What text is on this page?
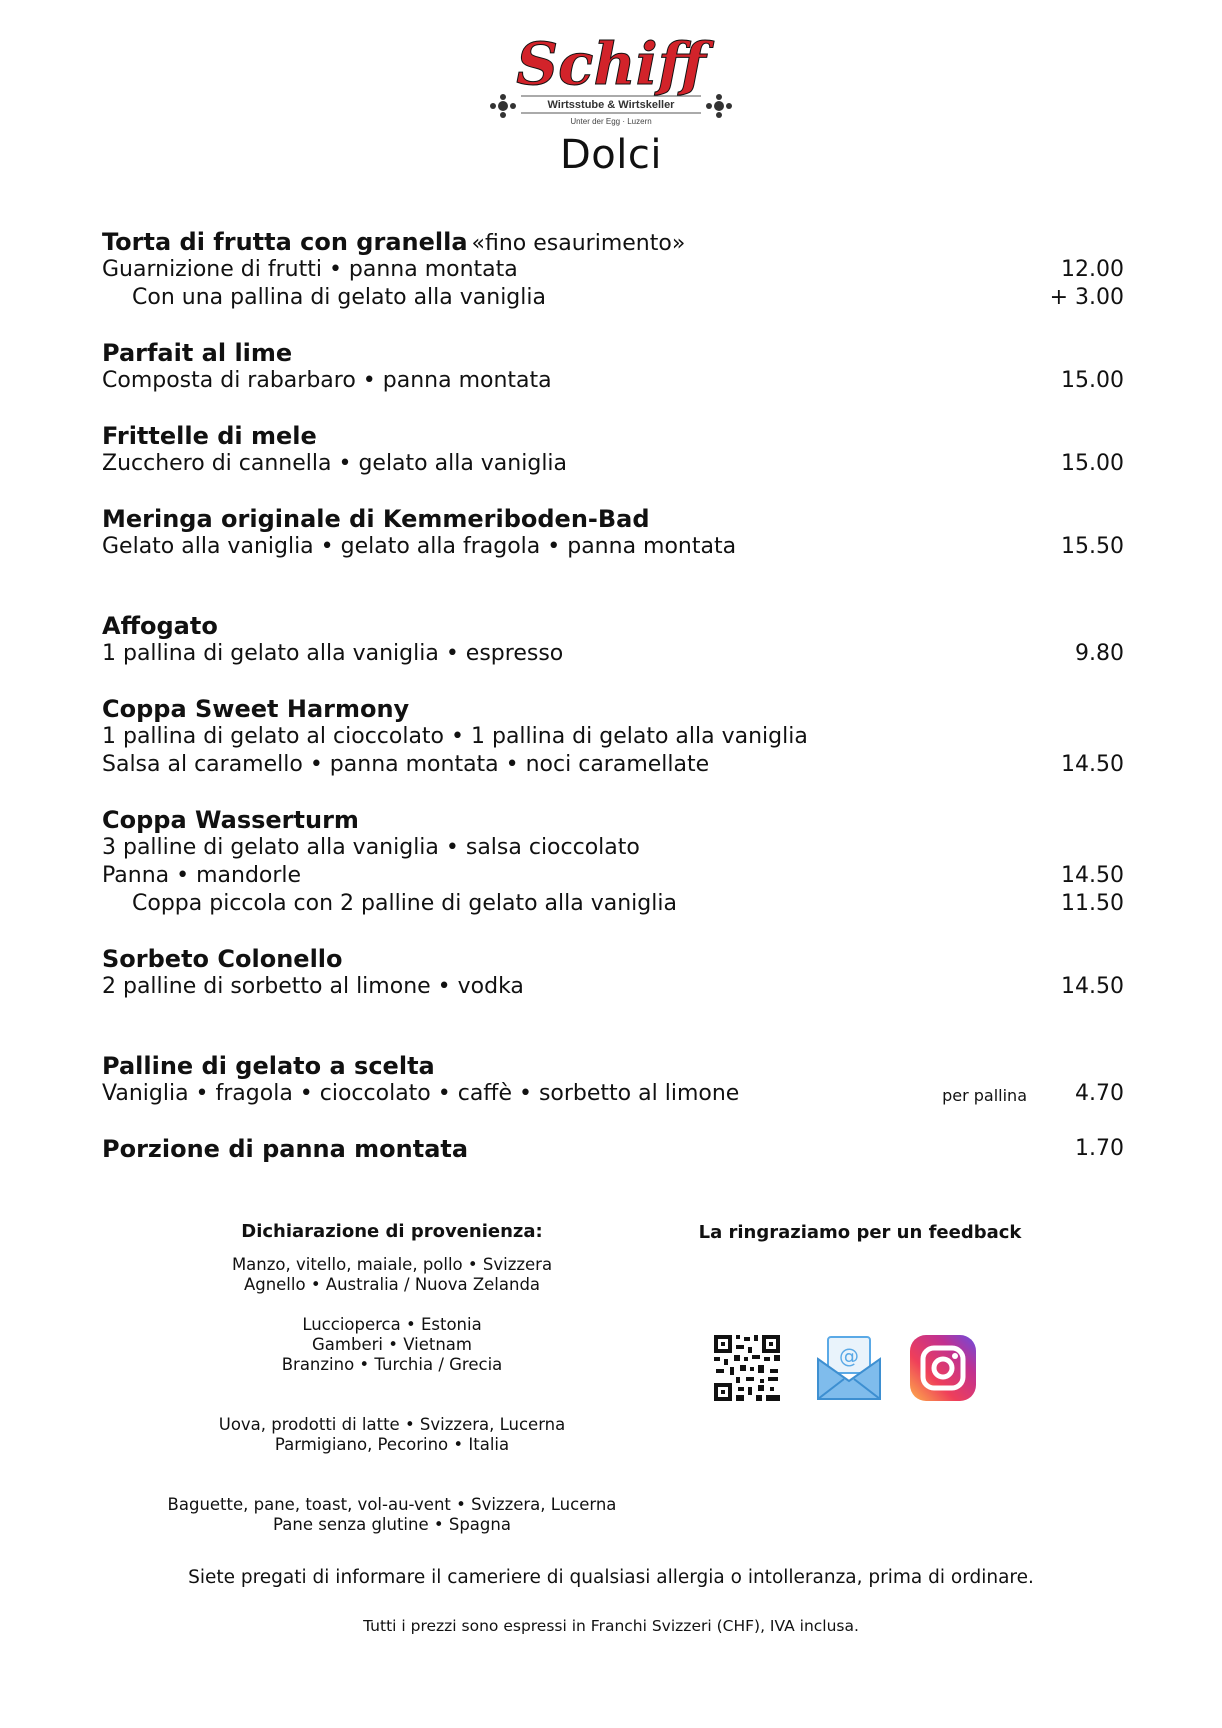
Schiff
Wirtsstube & Wirtskeller
Unter der Egg · Luzern
Dolci
Torta di frutta con granella «fino esaurimento»
Guarnizione di frutti • panna montata	12.00
Con una pallina di gelato alla vaniglia	+ 3.00
Parfait al lime
Composta di rabarbaro • panna montata	15.00
Frittelle di mele
Zucchero di cannella • gelato alla vaniglia	15.00
Meringa originale di Kemmeriboden-Bad
Gelato alla vaniglia • gelato alla fragola • panna montata	15.50
Affogato
1 pallina di gelato alla vaniglia • espresso	9.80
Coppa Sweet Harmony
1 pallina di gelato al cioccolato • 1 pallina di gelato alla vaniglia
Salsa al caramello • panna montata • noci caramellate	14.50
Coppa Wasserturm
3 palline di gelato alla vaniglia • salsa cioccolato
Panna • mandorle	14.50
Coppa piccola con 2 palline di gelato alla vaniglia	11.50
Sorbeto Colonello
2 palline di sorbetto al limone • vodka	14.50
Palline di gelato a scelta
Vaniglia • fragola • cioccolato • caffè • sorbetto al limone	per pallina 4.70
Porzione di panna montata	1.70
Dichiarazione di provenienza:
Manzo, vitello, maiale, pollo • Svizzera
Agnello • Australia / Nuova Zelanda
Luccioperca • Estonia
Gamberi • Vietnam
Branzino • Turchia / Grecia
Uova, prodotti di latte • Svizzera, Lucerna
Parmigiano, Pecorino • Italia
Baguette, pane, toast, vol-au-vent • Svizzera, Lucerna
Pane senza glutine • Spagna
La ringraziamo per un feedback
@
Siete pregati di informare il cameriere di qualsiasi allergia o intolleranza, prima di ordinare.
Tutti i prezzi sono espressi in Franchi Svizzeri (CHF), IVA inclusa.
